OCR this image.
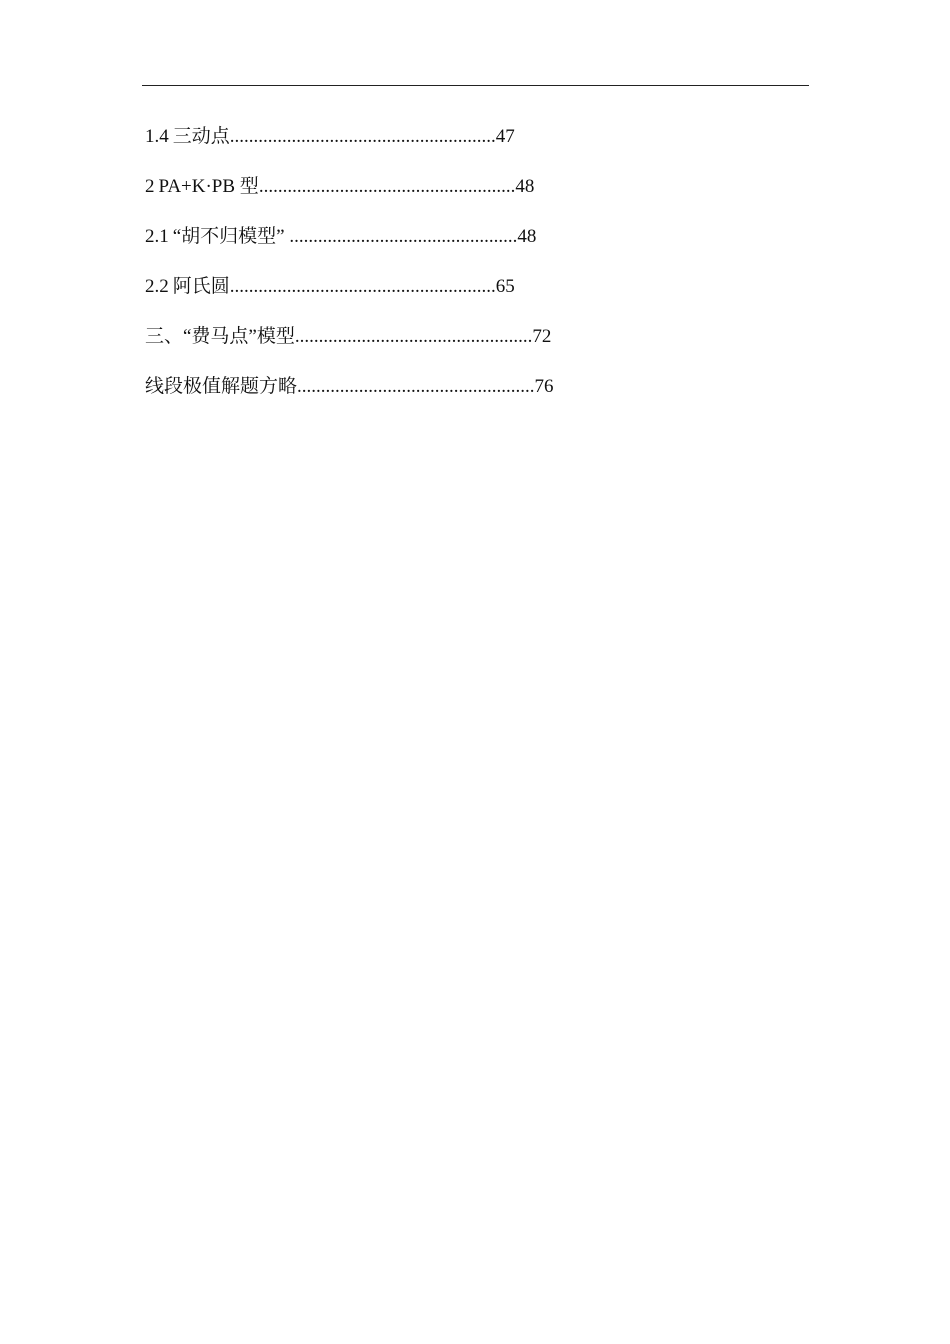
1.4 三动点........................................................47
2 PA+K·PB 型......................................................48
2.1 “胡不归模型” ................................................48
2.2 阿氏圆........................................................65
三、“费马点”模型..................................................72
线段极值解题方略..................................................76
